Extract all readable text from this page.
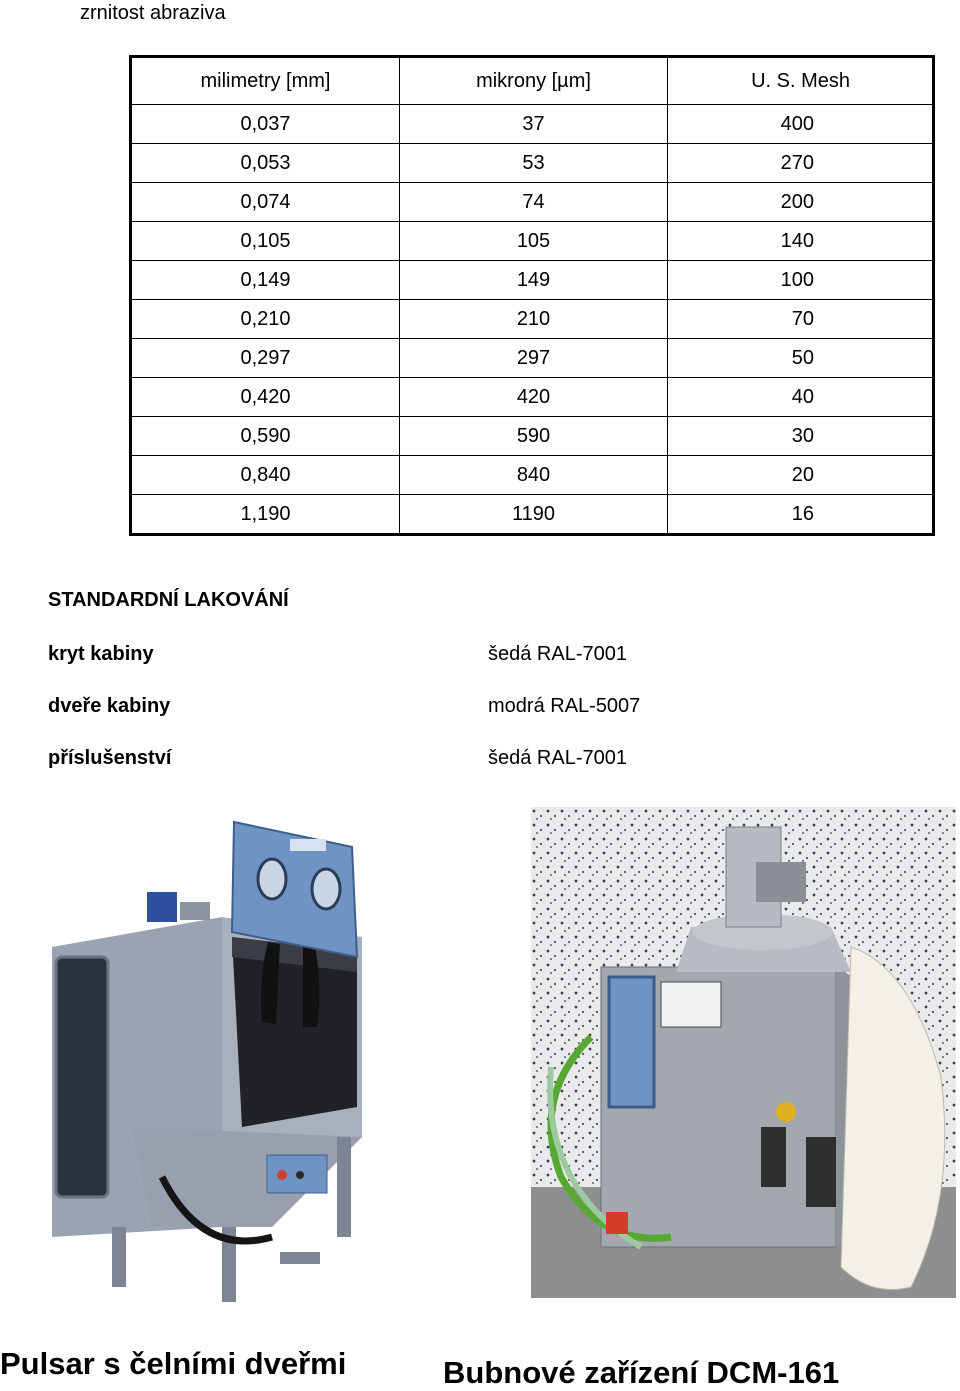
zrnitost abraziva
milimetry [mm]	mikrony [µm]	U. S. Mesh
0,037	37	400
0,053	53	270
0,074	74	200
0,105	105	140
0,149	149	100
0,210	210	70
0,297	297	50
0,420	420	40
0,590	590	30
0,840	840	20
1,190	1190	16
STANDARDNÍ LAKOVÁNÍ
kryt kabiny	šedá RAL-7001
dveře kabiny	modrá RAL-5007
příslušenství	šedá RAL-7001
Pulsar s čelními dveřmi	Bubnové zařízení DCM-161
